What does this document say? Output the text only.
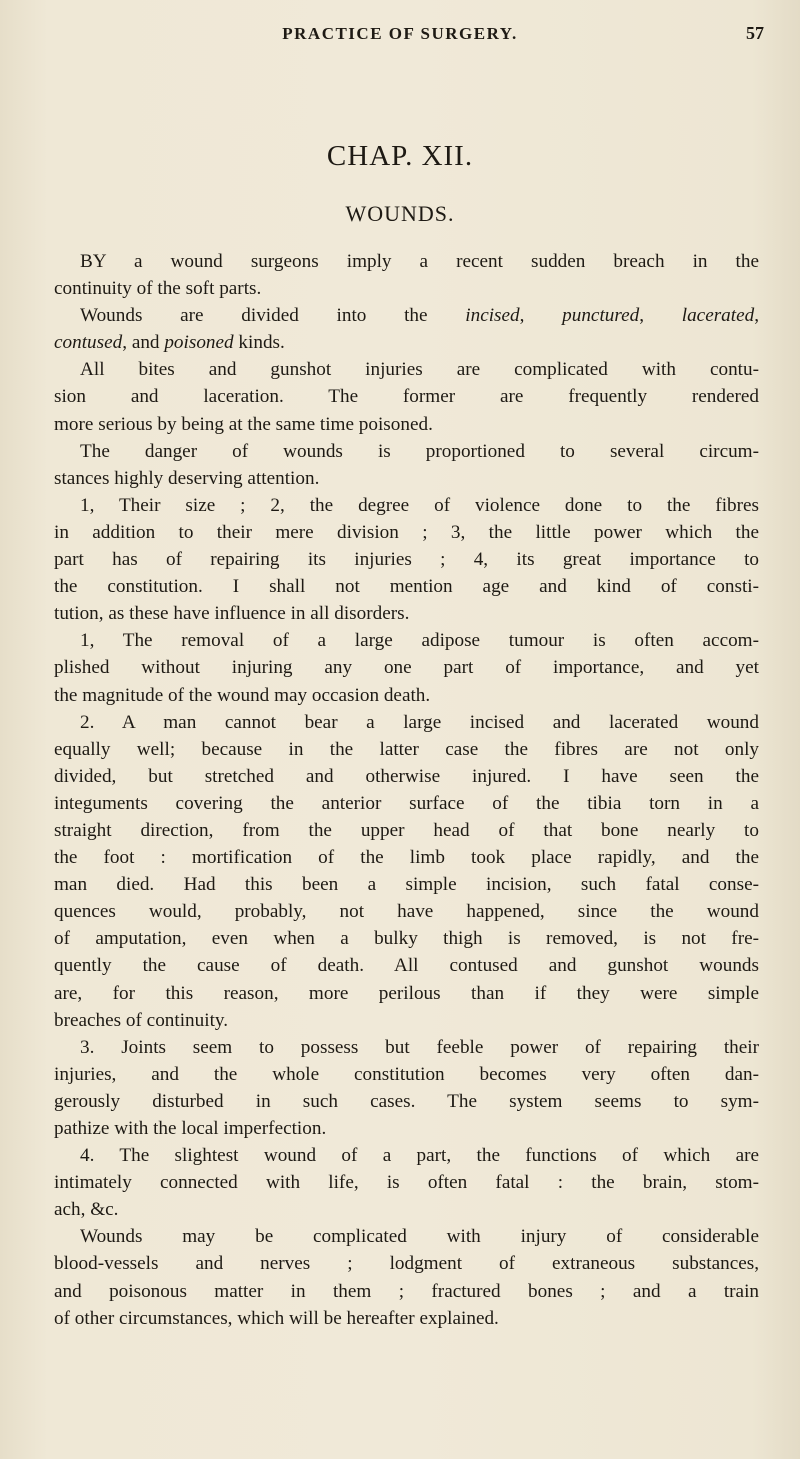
PRACTICE OF SURGERY.	57
CHAP. XII.
WOUNDS.
BY a wound surgeons imply a recent sudden breach in the
continuity of the soft parts.
Wounds are divided into the incised, punctured, lacerated,
contused, and poisoned kinds.
All bites and gunshot injuries are complicated with contu-
sion and laceration. The former are frequently rendered
more serious by being at the same time poisoned.
The danger of wounds is proportioned to several circum-
stances highly deserving attention.
1, Their size ; 2, the degree of violence done to the fibres
in addition to their mere division ; 3, the little power which the
part has of repairing its injuries ; 4, its great importance to
the constitution. I shall not mention age and kind of consti-
tution, as these have influence in all disorders.
1, The removal of a large adipose tumour is often accom-
plished without injuring any one part of importance, and yet
the magnitude of the wound may occasion death.
2. A man cannot bear a large incised and lacerated wound
equally well; because in the latter case the fibres are not only
divided, but stretched and otherwise injured. I have seen the
integuments covering the anterior surface of the tibia torn in a
straight direction, from the upper head of that bone nearly to
the foot : mortification of the limb took place rapidly, and the
man died. Had this been a simple incision, such fatal conse-
quences would, probably, not have happened, since the wound
of amputation, even when a bulky thigh is removed, is not fre-
quently the cause of death. All contused and gunshot wounds
are, for this reason, more perilous than if they were simple
breaches of continuity.
3. Joints seem to possess but feeble power of repairing their
injuries, and the whole constitution becomes very often dan-
gerously disturbed in such cases. The system seems to sym-
pathize with the local imperfection.
4. The slightest wound of a part, the functions of which are
intimately connected with life, is often fatal : the brain, stom-
ach, &c.
Wounds may be complicated with injury of considerable
blood-vessels and nerves ; lodgment of extraneous substances,
and poisonous matter in them ; fractured bones ; and a train
of other circumstances, which will be hereafter explained.
